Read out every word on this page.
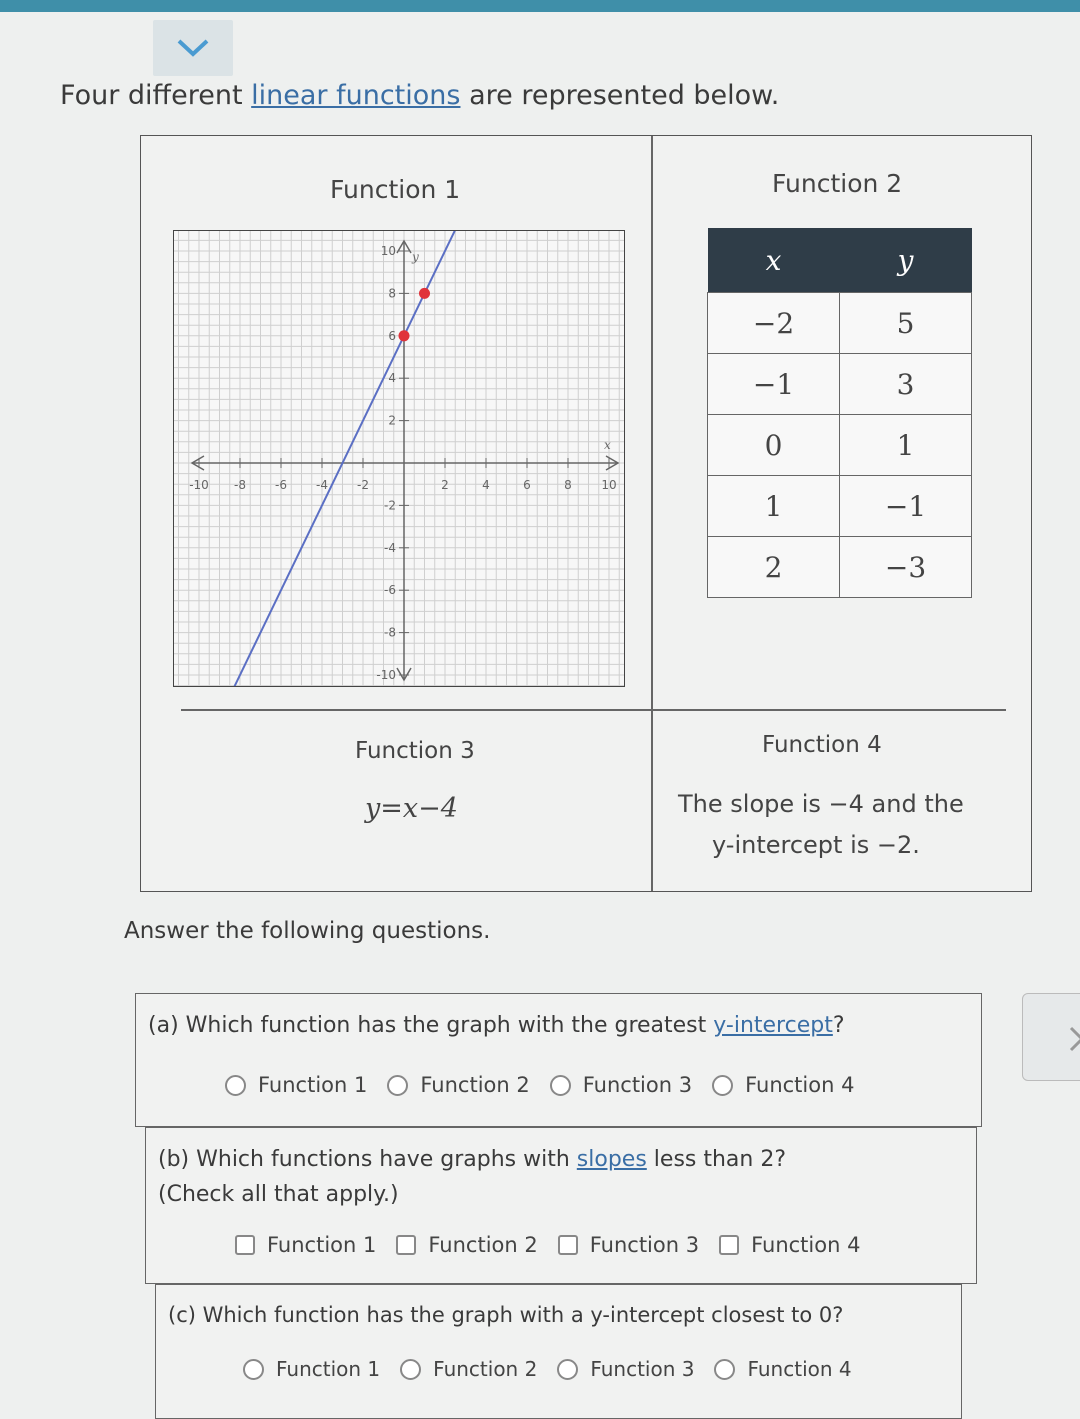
Four different linear functions are represented below.
Function 1	Function 2
-10 -8 -6 -4 -2	2	4	6	8 10
10
8
6
4
2
-2
-4
-6
-8
-10
x
y	x	y
−2	5
−1	3
0	1
1	−1
2	−3
Function 3
y=x−4
Function 4
The slope is −4 and the
y-intercept is −2.
Answer the following questions.
(a) Which function has the graph with the greatest y-intercept?
Function 1	Function 2	Function 3	Function 4
(b) Which functions have graphs with slopes less than 2?
(Check all that apply.)
Function 1 Function 2 Function 3 Function 4
(c) Which function has the graph with a y-intercept closest to 0?
Function 1	Function 2	Function 3	Function 4
